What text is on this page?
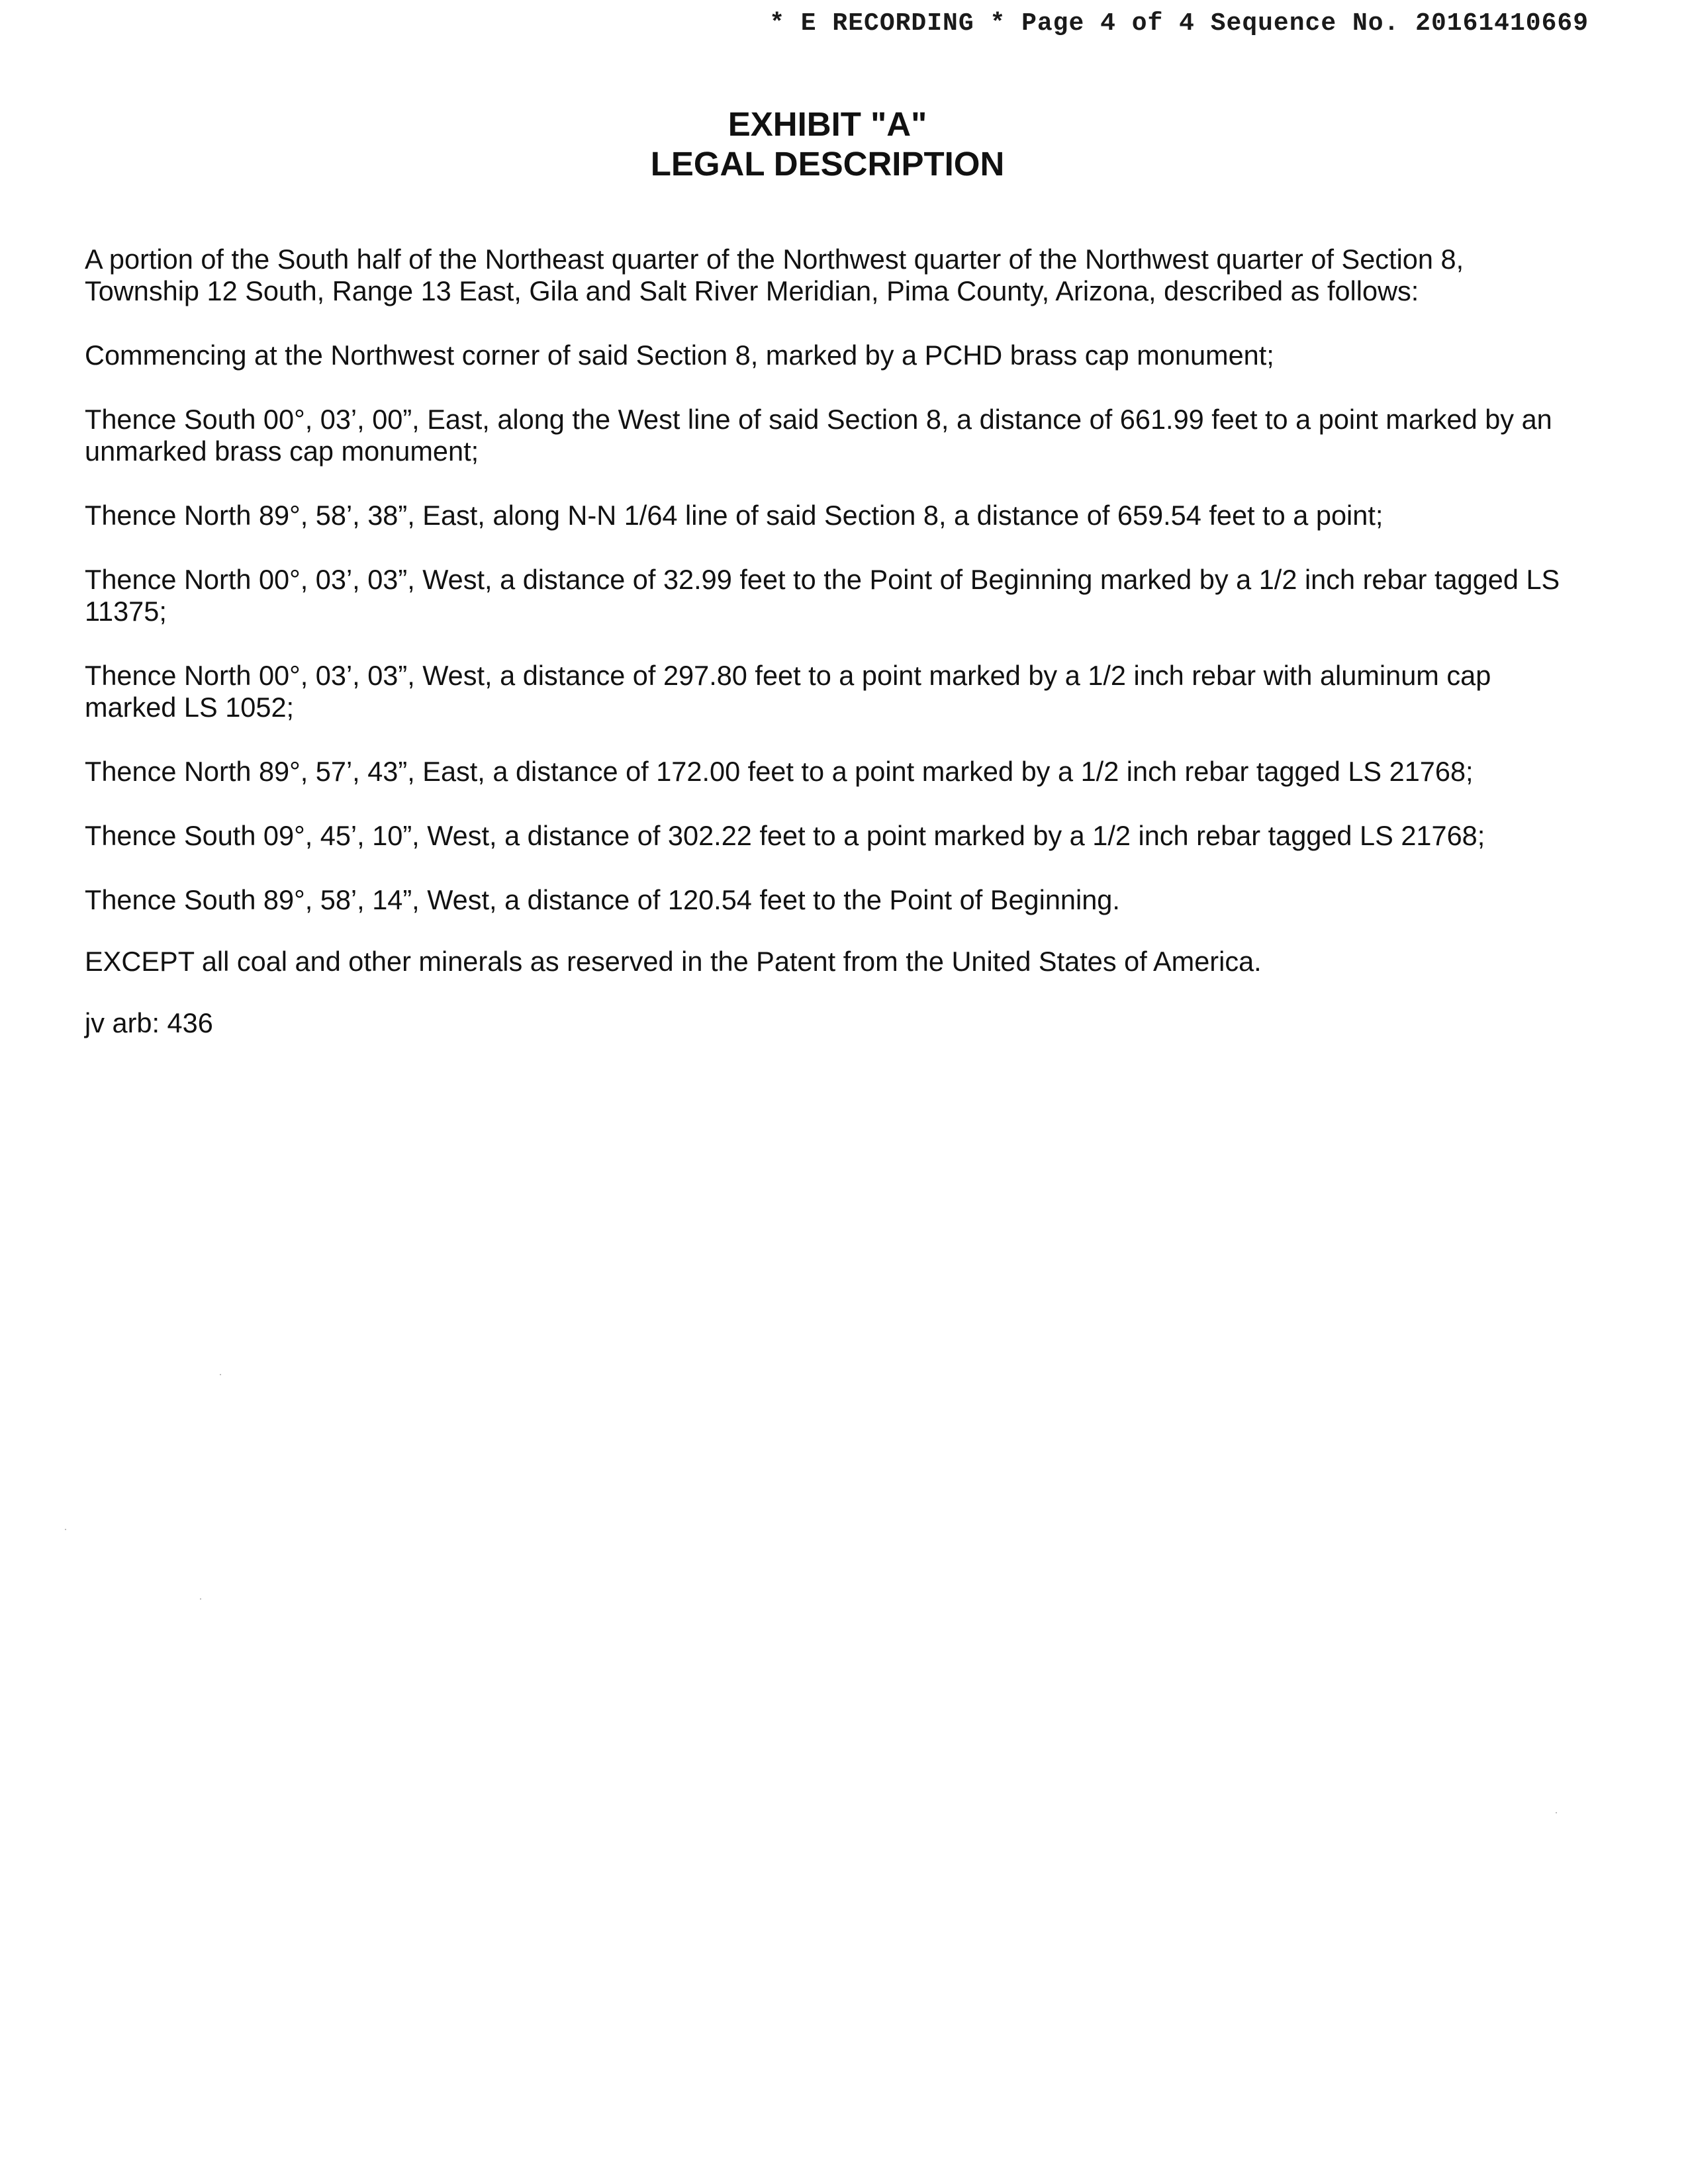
* E RECORDING * Page 4 of 4 Sequence No. 20161410669
EXHIBIT "A"
LEGAL DESCRIPTION

A portion of the South half of the Northeast quarter of the Northwest quarter of the Northwest quarter of Section 8, Township 12 South, Range 13 East, Gila and Salt River Meridian, Pima County, Arizona, described as follows:

Commencing at the Northwest corner of said Section 8, marked by a PCHD brass cap monument;

Thence South 00°, 03’, 00”, East, along the West line of said Section 8, a distance of 661.99 feet to a point marked by an unmarked brass cap monument;

Thence North 89°, 58’, 38”, East, along N-N 1/64 line of said Section 8, a distance of 659.54 feet to a point;

Thence North 00°, 03’, 03”, West, a distance of 32.99 feet to the Point of Beginning marked by a 1/2 inch rebar tagged LS 11375;

Thence North 00°, 03’, 03”, West, a distance of 297.80 feet to a point marked by a 1/2 inch rebar with aluminum cap marked LS 1052;

Thence North 89°, 57’, 43”, East, a distance of 172.00 feet to a point marked by a 1/2 inch rebar tagged LS 21768;

Thence South 09°, 45’, 10”, West, a distance of 302.22 feet to a point marked by a 1/2 inch rebar tagged LS 21768;

Thence South 89°, 58’, 14”, West, a distance of 120.54 feet to the Point of Beginning.

EXCEPT all coal and other minerals as reserved in the Patent from the United States of America.

jv arb: 436
